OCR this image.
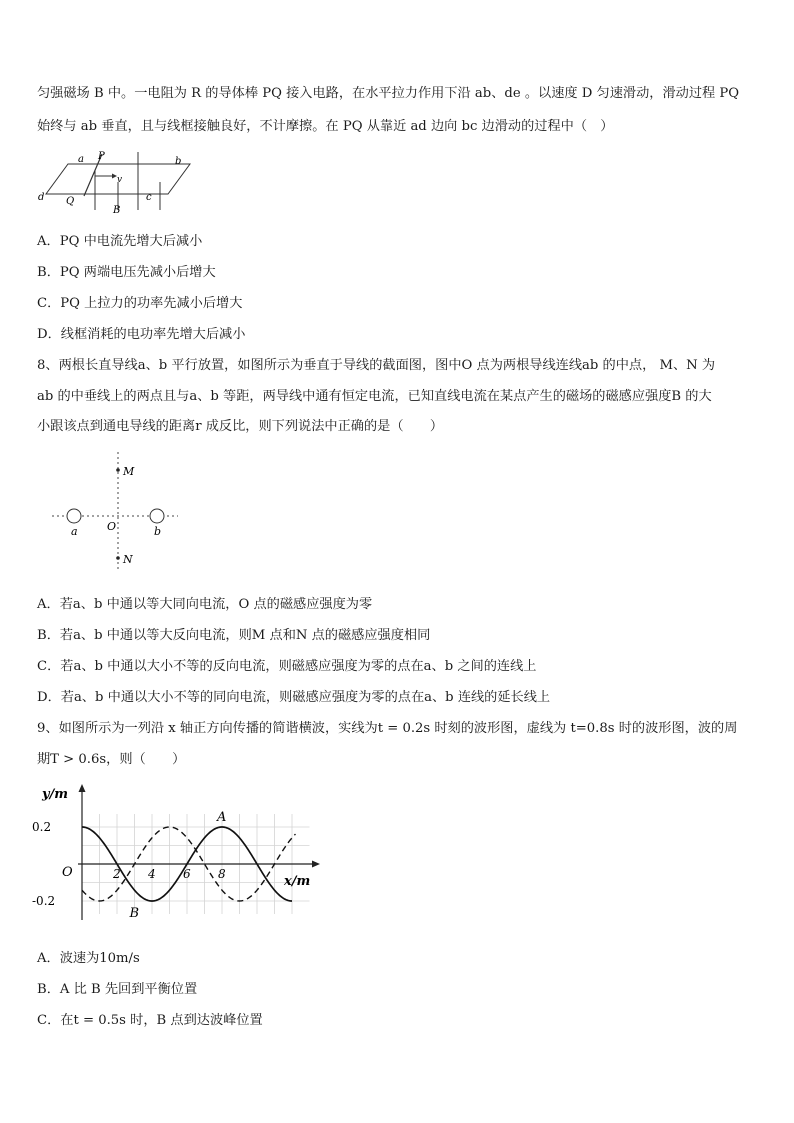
匀强磁场 B 中。一电阻为 R 的导体棒 PQ 接入电路，在水平拉力作用下沿 ab、de 。以速度 D 匀速滑动，滑动过程 PQ
始终与 ab 垂直，且与线框接触良好，不计摩擦。在 PQ 从靠近 ad 边向 bc 边滑动的过程中（　）
P
a	b
c
d Q
v
B
A．PQ 中电流先增大后减小
B．PQ 两端电压先减小后增大
C．PQ 上拉力的功率先减小后增大
D．线框消耗的电功率先增大后减小
8、两根长直导线a、b 平行放置，如图所示为垂直于导线的截面图，图中O 点为两根导线连线ab 的中点， M、N 为
ab 的中垂线上的两点且与a、b 等距，两导线中通有恒定电流，已知直线电流在某点产生的磁场的磁感应强度B 的大
小跟该点到通电导线的距离r 成反比，则下列说法中正确的是（　　）
M
N
O
a	b
A．若a、b 中通以等大同向电流，O 点的磁感应强度为零
B．若a、b 中通以等大反向电流，则M 点和N 点的磁感应强度相同
C．若a、b 中通以大小不等的反向电流，则磁感应强度为零的点在a、b 之间的连线上
D．若a、b 中通以大小不等的同向电流，则磁感应强度为零的点在a、b 连线的延长线上
9、如图所示为一列沿 x 轴正方向传播的简谐横波，实线为t = 0.2s 时刻的波形图，虚线为 t=0.8s 时的波形图，波的周
期T > 0.6s，则（　　）
2 4 6 8
0.2
-0.2
A
B
x/m
y/m
O
A．波速为10m/s
B．A 比 B 先回到平衡位置
C．在t = 0.5s 时，B 点到达波峰位置
